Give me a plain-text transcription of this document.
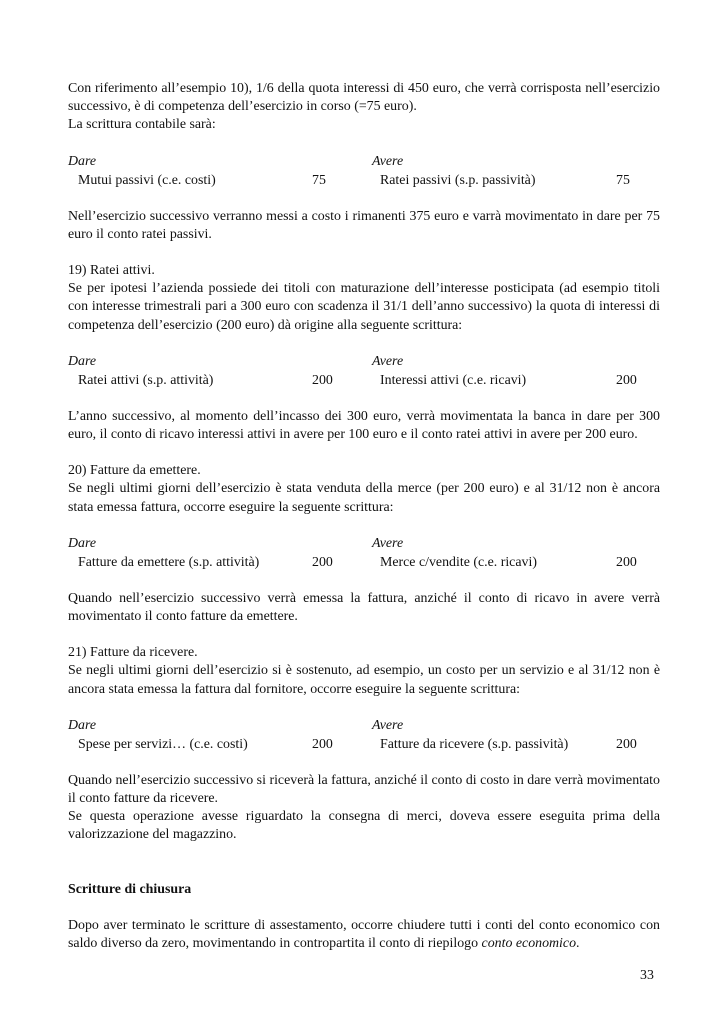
Con riferimento all’esempio 10), 1/6 della quota interessi di 450 euro, che verrà corrisposta nell’esercizio successivo, è di competenza dell’esercizio in corso (=75 euro).

La scrittura contabile sarà:

Dare	Avere
Mutui passivi (c.e. costi)	75	Ratei passivi (s.p. passività)	75

Nell’esercizio successivo verranno messi a costo i rimanenti 375 euro e varrà movimentato in dare per 75 euro il conto ratei passivi.

19) Ratei attivi.

Se per ipotesi l’azienda possiede dei titoli con maturazione dell’interesse posticipata (ad esempio titoli con interesse trimestrali pari a 300 euro con scadenza il 31/1 dell’anno successivo) la quota di interessi di competenza dell’esercizio (200 euro) dà origine alla seguente scrittura:

Dare	Avere
Ratei attivi (s.p. attività)	200	Interessi attivi (c.e. ricavi)	200

L’anno successivo, al momento dell’incasso dei 300 euro, verrà movimentata la banca in dare per 300 euro, il conto di ricavo interessi attivi in avere per 100 euro e il conto ratei attivi in avere per 200 euro.

20) Fatture da emettere.

Se negli ultimi giorni dell’esercizio è stata venduta della merce (per 200 euro) e al 31/12 non è ancora stata emessa fattura, occorre eseguire la seguente scrittura:

Dare	Avere
Fatture da emettere (s.p. attività)	200	Merce c/vendite (c.e. ricavi)	200

Quando nell’esercizio successivo verrà emessa la fattura, anziché il conto di ricavo in avere verrà movimentato il conto fatture da emettere.

21) Fatture da ricevere.

Se negli ultimi giorni dell’esercizio si è sostenuto, ad esempio, un costo per un servizio e al 31/12 non è ancora stata emessa la fattura dal fornitore, occorre eseguire la seguente scrittura:

Dare	Avere
Spese per servizi… (c.e. costi)	200	Fatture da ricevere (s.p. passività)	200

Quando nell’esercizio successivo si riceverà la fattura, anziché il conto di costo in dare verrà movimentato il conto fatture da ricevere.

Se questa operazione avesse riguardato la consegna di merci, doveva essere eseguita prima della valorizzazione del magazzino.

Scritture di chiusura

Dopo aver terminato le scritture di assestamento, occorre chiudere tutti i conti del conto economico con saldo diverso da zero, movimentando in contropartita il conto di riepilogo conto economico.

33
